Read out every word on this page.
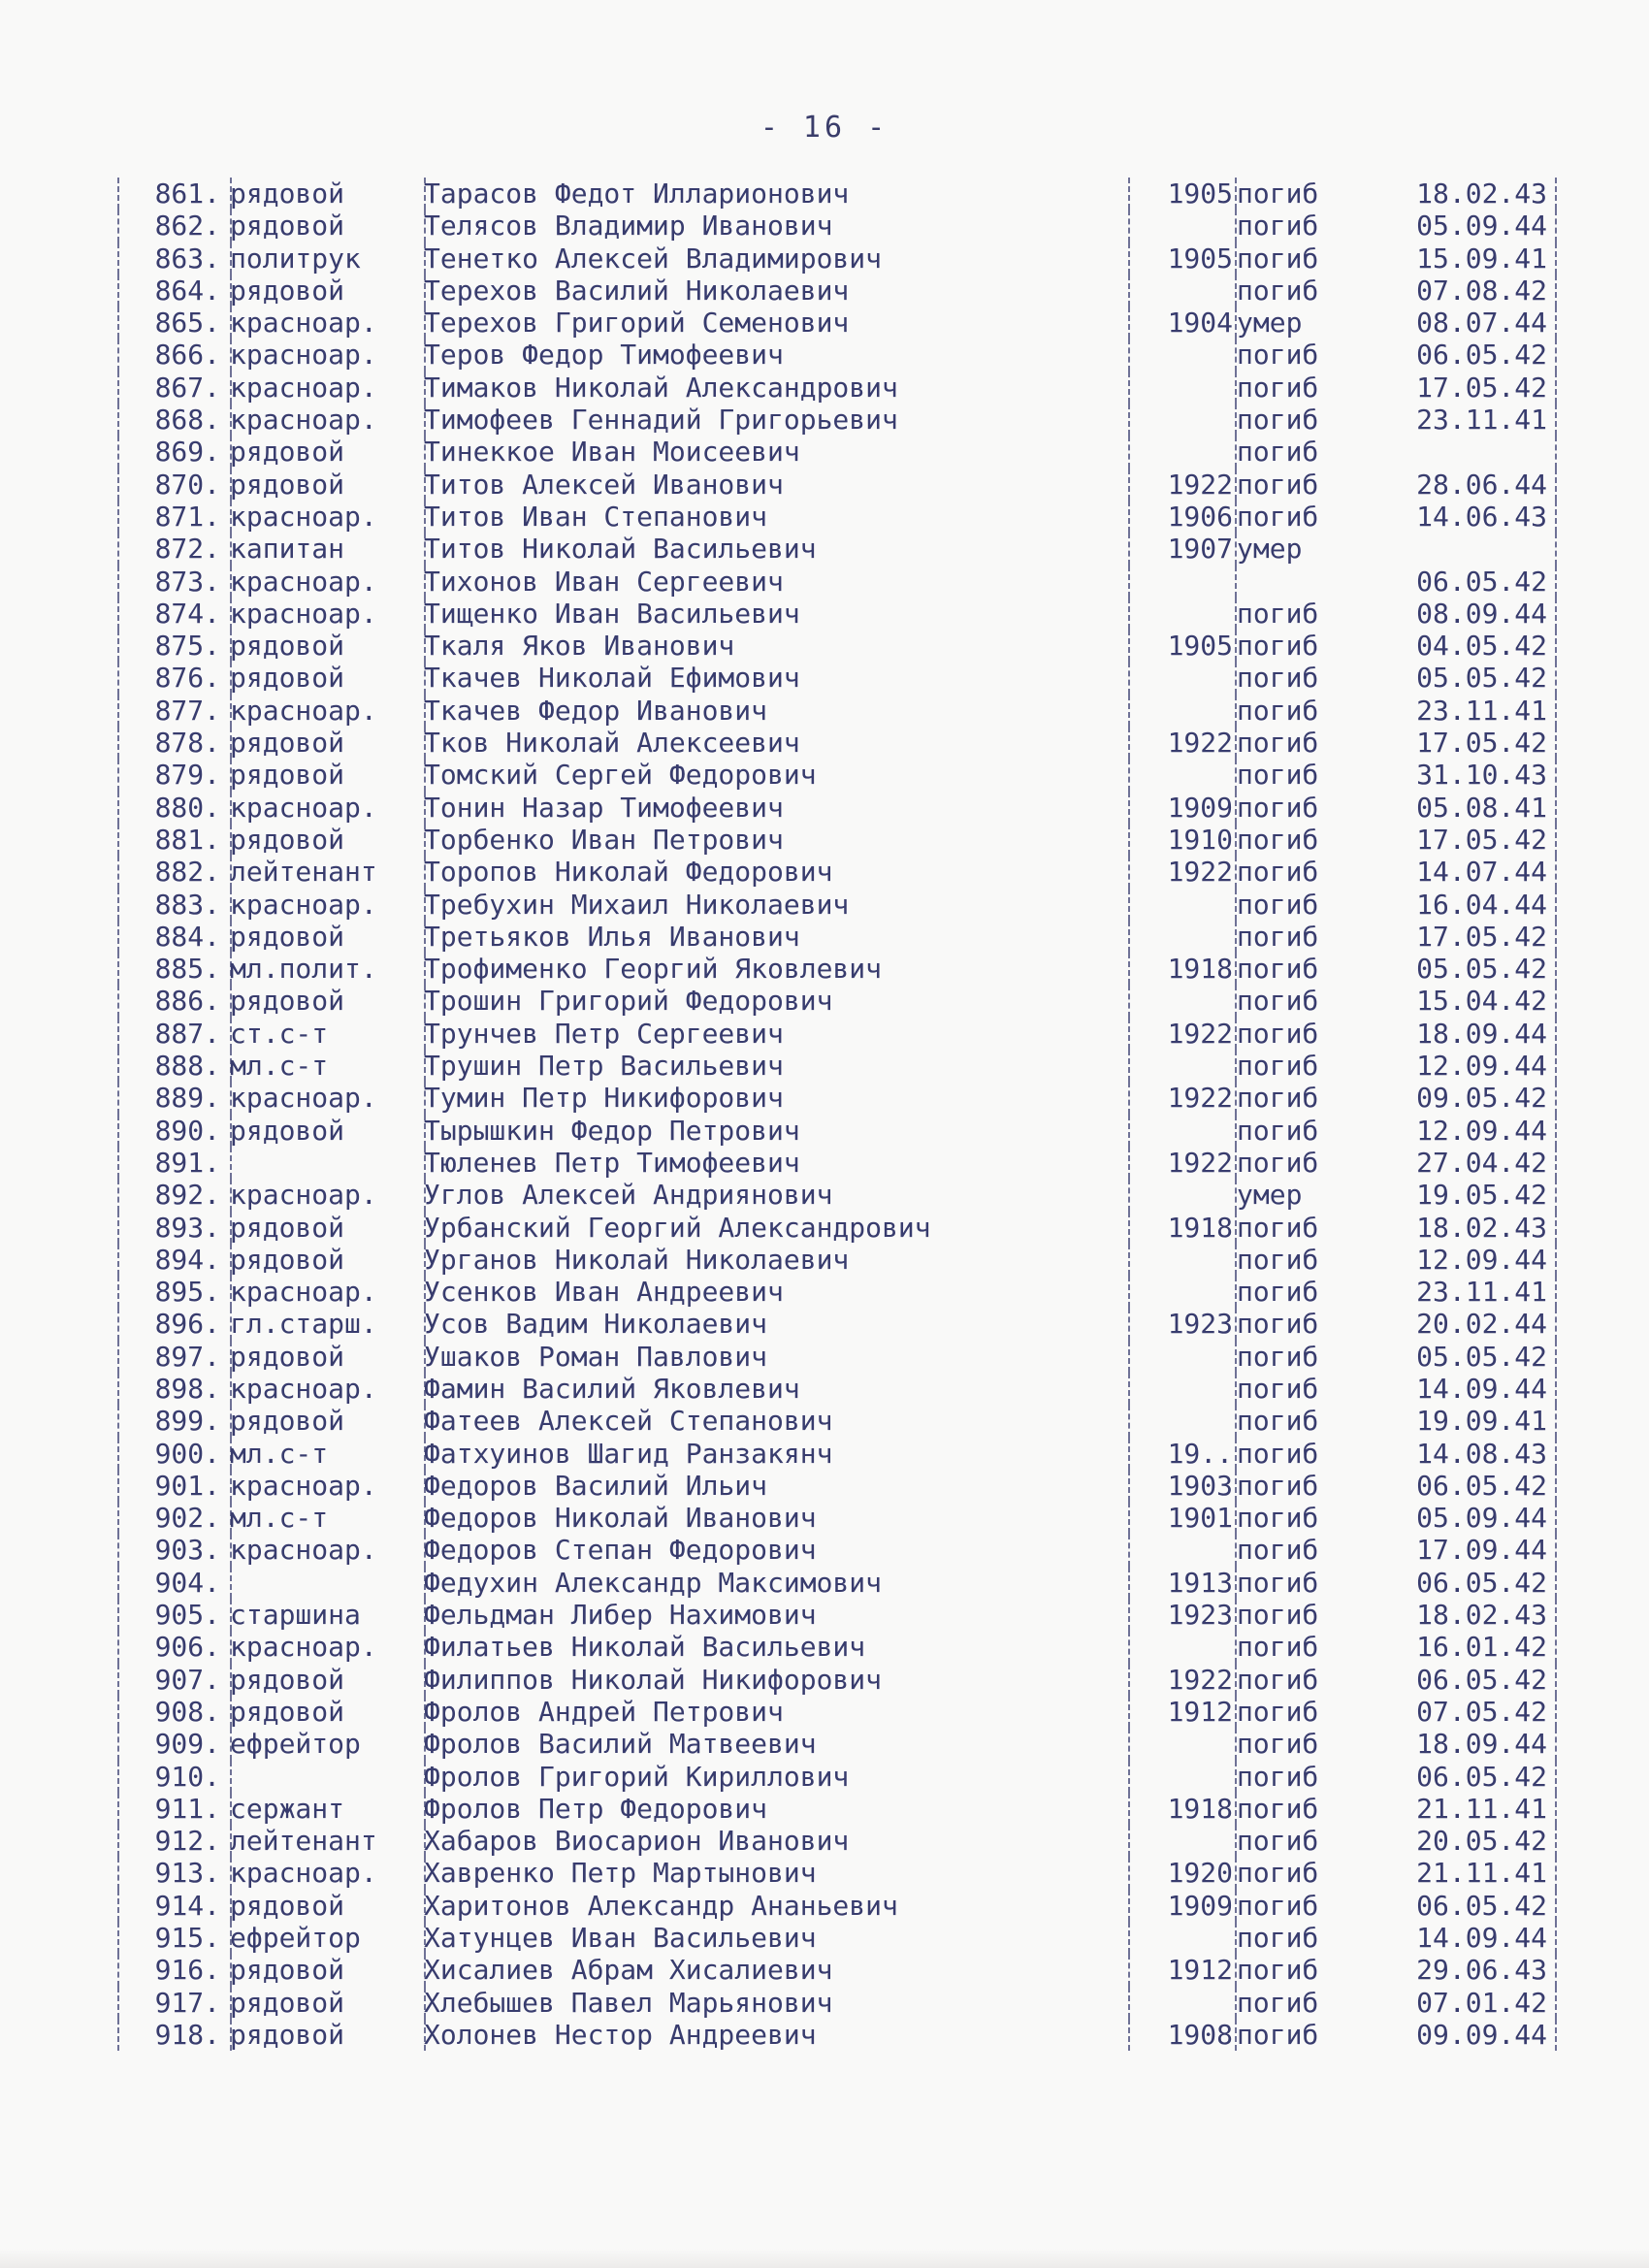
- 16 -
861. рядовой	Тарасов Федот Илларионович	1905 погиб	18.02.43
862. рядовой	Телясов Владимир Иванович	погиб	05.09.44
863. политрук	Тенетко Алексей Владимирович	1905 погиб	15.09.41
864. рядовой	Терехов Василий Николаевич	погиб	07.08.42
865. красноар.	Терехов Григорий Семенович	1904 умер	08.07.44
866. красноар.	Теров Федор Тимофеевич	погиб	06.05.42
867. красноар.	Тимаков Николай Александрович	погиб	17.05.42
868. красноар.	Тимофеев Геннадий Григорьевич	погиб	23.11.41
869. рядовой	Тинеккое Иван Моисеевич	погиб
870. рядовой	Титов Алексей Иванович	1922 погиб	28.06.44
871. красноар.	Титов Иван Степанович	1906 погиб	14.06.43
872. капитан	Титов Николай Васильевич	1907 умер
873. красноар.	Тихонов Иван Сергеевич	06.05.42
874. красноар.	Тищенко Иван Васильевич	погиб	08.09.44
875. рядовой	Ткаля Яков Иванович	1905 погиб	04.05.42
876. рядовой	Ткачев Николай Ефимович	погиб	05.05.42
877. красноар.	Ткачев Федор Иванович	погиб	23.11.41
878. рядовой	Тков Николай Алексеевич	1922 погиб	17.05.42
879. рядовой	Томский Сергей Федорович	погиб	31.10.43
880. красноар.	Тонин Назар Тимофеевич	1909 погиб	05.08.41
881. рядовой	Торбенко Иван Петрович	1910 погиб	17.05.42
882. лейтенант	Торопов Николай Федорович	1922 погиб	14.07.44
883. красноар.	Требухин Михаил Николаевич	погиб	16.04.44
884. рядовой	Третьяков Илья Иванович	погиб	17.05.42
885. мл.полит.	Трофименко Георгий Яковлевич	1918 погиб	05.05.42
886. рядовой	Трошин Григорий Федорович	погиб	15.04.42
887. ст.с-т	Трунчев Петр Сергеевич	1922 погиб	18.09.44
888. мл.с-т	Трушин Петр Васильевич	погиб	12.09.44
889. красноар.	Тумин Петр Никифорович	1922 погиб	09.05.42
890. рядовой	Тырышкин Федор Петрович	погиб	12.09.44
891.	Тюленев Петр Тимофеевич	1922 погиб	27.04.42
892. красноар.	Углов Алексей Андриянович	умер	19.05.42
893. рядовой	Урбанский Георгий Александрович	1918 погиб	18.02.43
894. рядовой	Урганов Николай Николаевич	погиб	12.09.44
895. красноар.	Усенков Иван Андреевич	погиб	23.11.41
896. гл.старш.	Усов Вадим Николаевич	1923 погиб	20.02.44
897. рядовой	Ушаков Роман Павлович	погиб	05.05.42
898. красноар.	Фамин Василий Яковлевич	погиб	14.09.44
899. рядовой	Фатеев Алексей Степанович	погиб	19.09.41
900. мл.с-т	Фатхуинов Шагид Ранзакянч	19.. погиб	14.08.43
901. красноар.	Федоров Василий Ильич	1903 погиб	06.05.42
902. мл.с-т	Федоров Николай Иванович	1901 погиб	05.09.44
903. красноар.	Федоров Степан Федорович	погиб	17.09.44
904.	Федухин Александр Максимович	1913 погиб	06.05.42
905. старшина	Фельдман Либер Нахимович	1923 погиб	18.02.43
906. красноар.	Филатьев Николай Васильевич	погиб	16.01.42
907. рядовой	Филиппов Николай Никифорович	1922 погиб	06.05.42
908. рядовой	Фролов Андрей Петрович	1912 погиб	07.05.42
909. ефрейтор	Фролов Василий Матвеевич	погиб	18.09.44
910.	Фролов Григорий Кириллович	погиб	06.05.42
911. сержант	Фролов Петр Федорович	1918 погиб	21.11.41
912. лейтенант	Хабаров Виосарион Иванович	погиб	20.05.42
913. красноар.	Хавренко Петр Мартынович	1920 погиб	21.11.41
914. рядовой	Харитонов Александр Ананьевич	1909 погиб	06.05.42
915. ефрейтор	Хатунцев Иван Васильевич	погиб	14.09.44
916. рядовой	Хисалиев Абрам Хисалиевич	1912 погиб	29.06.43
917. рядовой	Хлебышев Павел Марьянович	погиб	07.01.42
918. рядовой	Холонев Нестор Андреевич	1908 погиб	09.09.44
